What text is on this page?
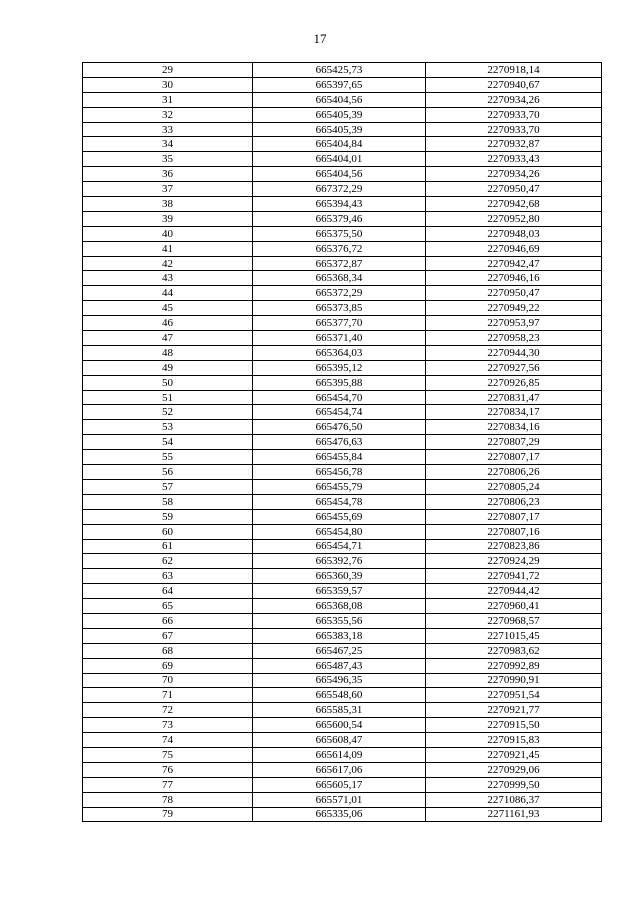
17
29	665425,73	2270918,14
30	665397,65	2270940,67
31	665404,56	2270934,26
32	665405,39	2270933,70
33	665405,39	2270933,70
34	665404,84	2270932,87
35	665404,01	2270933,43
36	665404,56	2270934,26
37	667372,29	2270950,47
38	665394,43	2270942,68
39	665379,46	2270952,80
40	665375,50	2270948,03
41	665376,72	2270946,69
42	665372,87	2270942,47
43	665368,34	2270946,16
44	665372,29	2270950,47
45	665373,85	2270949,22
46	665377,70	2270953,97
47	665371,40	2270958,23
48	665364,03	2270944,30
49	665395,12	2270927,56
50	665395,88	2270926,85
51	665454,70	2270831,47
52	665454,74	2270834,17
53	665476,50	2270834,16
54	665476,63	2270807,29
55	665455,84	2270807,17
56	665456,78	2270806,26
57	665455,79	2270805,24
58	665454,78	2270806,23
59	665455,69	2270807,17
60	665454,80	2270807,16
61	665454,71	2270823,86
62	665392,76	2270924,29
63	665360,39	2270941,72
64	665359,57	2270944,42
65	665368,08	2270960,41
66	665355,56	2270968,57
67	665383,18	2271015,45
68	665467,25	2270983,62
69	665487,43	2270992,89
70	665496,35	2270990,91
71	665548,60	2270951,54
72	665585,31	2270921,77
73	665600,54	2270915,50
74	665608,47	2270915,83
75	665614,09	2270921,45
76	665617,06	2270929,06
77	665605,17	2270999,50
78	665571,01	2271086,37
79	665335,06	2271161,93
